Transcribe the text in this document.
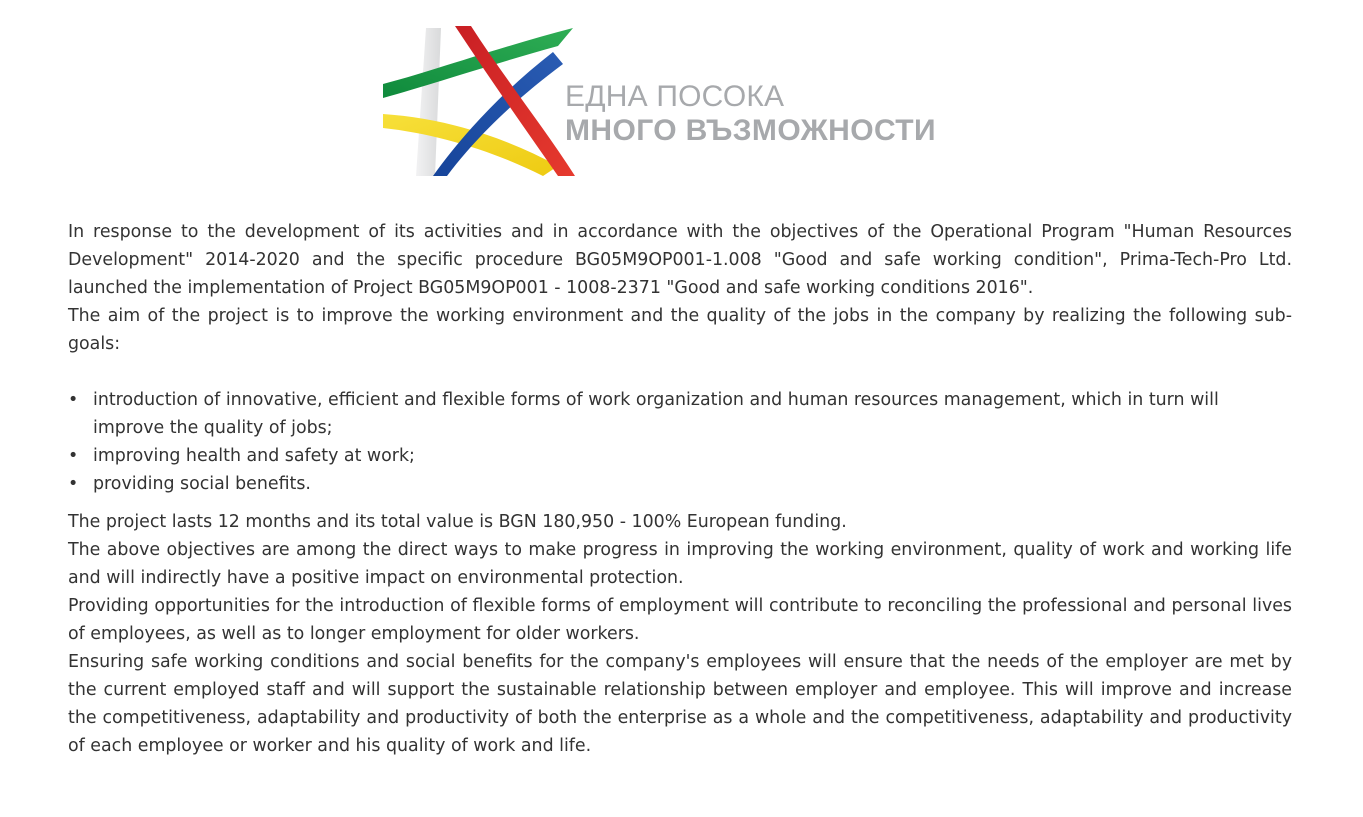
ЕДНА ПОСОКА
МНОГО ВЪЗМОЖНОСТИ

In response to the development of its activities and in accordance with the objectives of the Operational Program "Human Resources Development" 2014-2020 and the specific procedure BG05M9OP001-1.008 "Good and safe working condition", Prima-Tech-Pro Ltd. launched the implementation of Project BG05M9OP001 - 1008-2371 "Good and safe working conditions 2016".

The aim of the project is to improve the working environment and the quality of the jobs in the company by realizing the following sub-goals:

• introduction of innovative, efficient and flexible forms of work organization and human resources management, which in turn will improve the quality of jobs;
• improving health and safety at work;
• providing social benefits.

The project lasts 12 months and its total value is BGN 180,950 - 100% European funding.

The above objectives are among the direct ways to make progress in improving the working environment, quality of work and working life and will indirectly have a positive impact on environmental protection.

Providing opportunities for the introduction of flexible forms of employment will contribute to reconciling the professional and personal lives of employees, as well as to longer employment for older workers.

Ensuring safe working conditions and social benefits for the company's employees will ensure that the needs of the employer are met by the current employed staff and will support the sustainable relationship between employer and employee. This will improve and increase the competitiveness, adaptability and productivity of both the enterprise as a whole and the competitiveness, adaptability and productivity of each employee or worker and his quality of work and life.
